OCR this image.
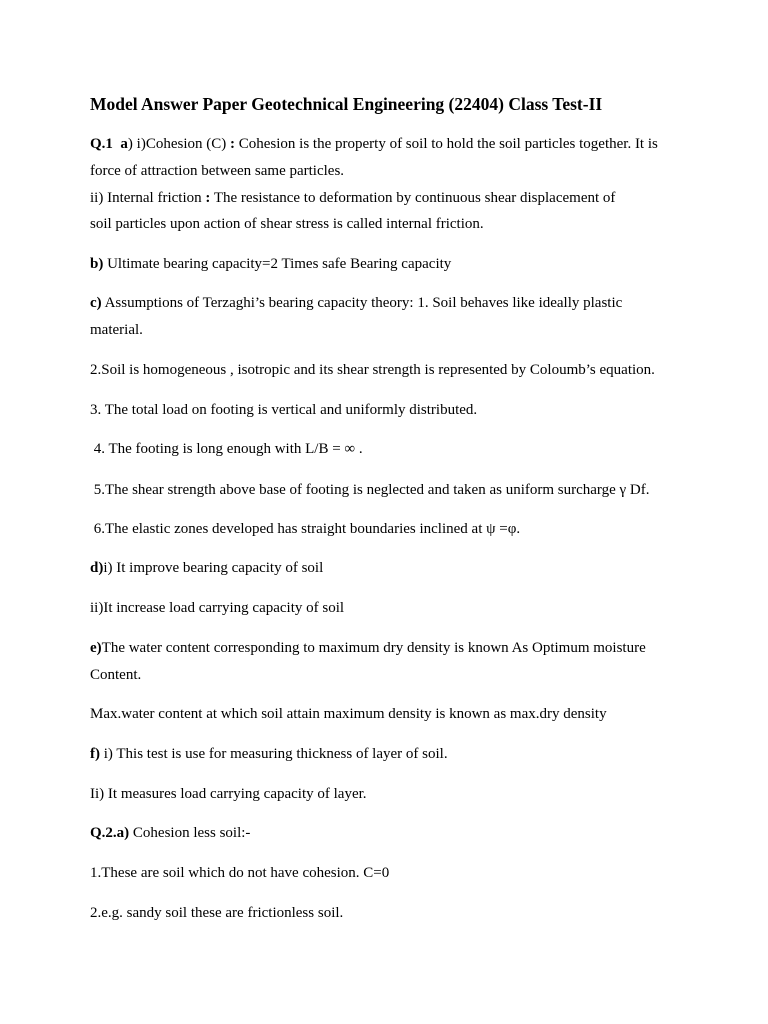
Model Answer Paper Geotechnical Engineering (22404) Class Test-II
Q.1 a) i)Cohesion (C) : Cohesion is the property of soil to hold the soil particles together. It is
force of attraction between same particles.
ii) Internal friction : The resistance to deformation by continuous shear displacement of
soil particles upon action of shear stress is called internal friction.
b) Ultimate bearing capacity=2 Times safe Bearing capacity
c) Assumptions of Terzaghi’s bearing capacity theory: 1. Soil behaves like ideally plastic
material.
2.Soil is homogeneous , isotropic and its shear strength is represented by Coloumb’s equation.
3. The total load on footing is vertical and uniformly distributed.
4. The footing is long enough with L/B = ∞ .
5.The shear strength above base of footing is neglected and taken as uniform surcharge γ Df.
6.The elastic zones developed has straight boundaries inclined at ψ =φ.
d)i) It improve bearing capacity of soil
ii)It increase load carrying capacity of soil
e)The water content corresponding to maximum dry density is known As Optimum moisture
Content.
Max.water content at which soil attain maximum density is known as max.dry density
f) i) This test is use for measuring thickness of layer of soil.
Ii) It measures load carrying capacity of layer.
Q.2.a) Cohesion less soil:-
1.These are soil which do not have cohesion. C=0
2.e.g. sandy soil these are frictionless soil.
